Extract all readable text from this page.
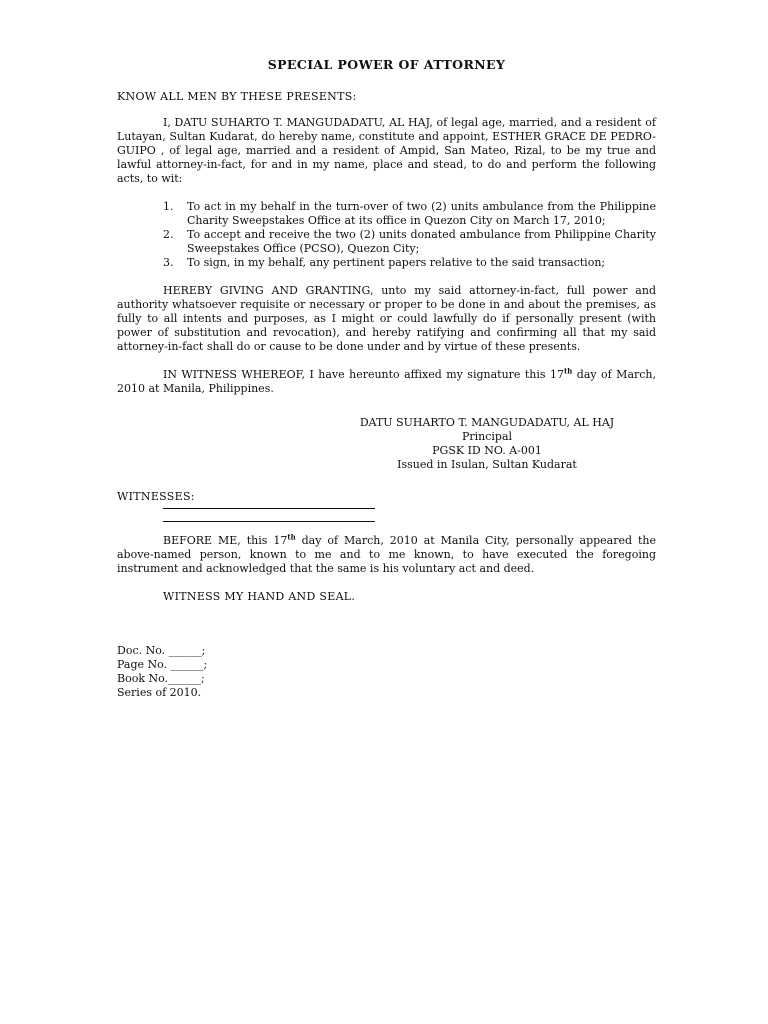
SPECIAL POWER OF ATTORNEY

KNOW ALL MEN BY THESE PRESENTS:

I, DATU SUHARTO T. MANGUDADATU, AL HAJ, of legal age, married, and a resident of Lutayan, Sultan Kudarat, do hereby name, constitute and appoint, ESTHER GRACE DE PEDRO-GUIPO , of legal age, married and a resident of Ampid, San Mateo, Rizal, to be my true and lawful attorney-in-fact, for and in my name, place and stead, to do and perform the following acts, to wit:

1. To act in my behalf in the turn-over of two (2) units ambulance from the Philippine Charity Sweepstakes Office at its office in Quezon City on March 17, 2010;
2. To accept and receive the two (2) units donated ambulance from Philippine Charity Sweepstakes Office (PCSO), Quezon City;
3. To sign, in my behalf, any pertinent papers relative to the said transaction;

HEREBY GIVING AND GRANTING, unto my said attorney-in-fact, full power and authority whatsoever requisite or necessary or proper to be done in and about the premises, as fully to all intents and purposes, as I might or could lawfully do if personally present (with power of substitution and revocation), and hereby ratifying and confirming all that my said attorney-in-fact shall do or cause to be done under and by virtue of these presents.

IN WITNESS WHEREOF, I have hereunto affixed my signature this 17th day of March, 2010 at Manila, Philippines.

DATU SUHARTO T. MANGUDADATU, AL HAJ
Principal
PGSK ID NO. A-001
Issued in Isulan, Sultan Kudarat
WITNESSES:

BEFORE ME, this 17th day of March, 2010 at Manila City, personally appeared the above-named person, known to me and to me known, to have executed the foregoing instrument and acknowledged that the same is his voluntary act and deed.

WITNESS MY HAND AND SEAL.

Doc. No. ______;
Page No. ______;
Book No.______;
Series of 2010.
